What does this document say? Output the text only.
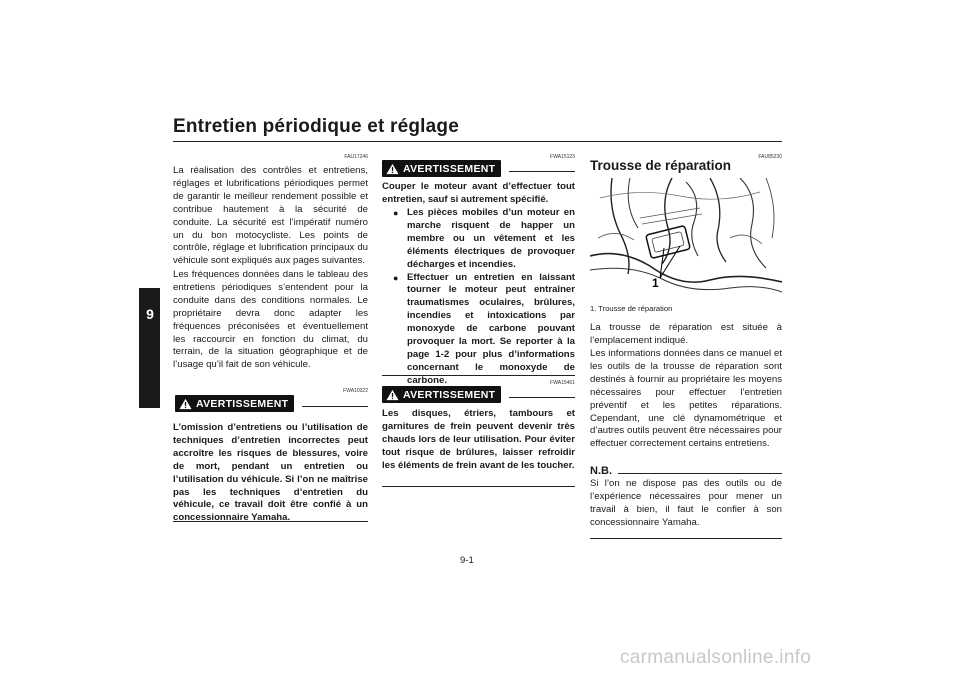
Entretien périodique et réglage
9
FAU17246
La réalisation des contrôles et entretiens, réglages et lubrifications périodiques permet de garantir le meilleur rendement possible et contribue hautement à la sécurité de conduite. La sécurité est l’impératif numéro un du bon motocycliste. Les points de contrôle, réglage et lubrification principaux du véhicule sont expliqués aux pages suivantes.
Les fréquences données dans le tableau des entretiens périodiques s’entendent pour la conduite dans des conditions normales. Le propriétaire devra donc adapter les fréquences préconisées et éventuellement les raccourcir en fonction du climat, du terrain, de la situation géographique et de l’usage qu’il fait de son véhicule.
FWA10322
AVERTISSEMENT
L’omission d’entretiens ou l’utilisation de techniques d’entretien incorrectes peut accroître les risques de blessures, voire de mort, pendant un entretien ou l’utilisation du véhicule. Si l’on ne maîtrise pas les techniques d’entretien du véhicule, ce travail doit être confié à un concessionnaire Yamaha.
FWA15123
AVERTISSEMENT
Couper le moteur avant d’effectuer tout entretien, sauf si autrement spécifié.
● Les pièces mobiles d’un moteur en marche risquent de happer un membre ou un vêtement et les éléments électriques de provoquer décharges et incendies.
● Effectuer un entretien en laissant tourner le moteur peut entraîner traumatismes oculaires, brûlures, incendies et intoxications par monoxyde de carbone pouvant provoquer la mort. Se reporter à la page 1-2 pour plus d’informations concernant le monoxyde de carbone.	FWA15461
AVERTISSEMENT
Les disques, étriers, tambours et garnitures de frein peuvent devenir très chauds lors de leur utilisation. Pour éviter tout risque de brûlures, laisser refroidir les éléments de frein avant de les toucher.
FAU85230
Trousse de réparation
1
1. Trousse de réparation
La trousse de réparation est située à l’emplacement indiqué.
Les informations données dans ce manuel et les outils de la trousse de réparation sont destinés à fournir au propriétaire les moyens nécessaires pour effectuer l’entretien préventif et les petites réparations. Cependant, une clé dynamométrique et d’autres outils peuvent être nécessaires pour effectuer correctement certains entretiens.
N.B.
Si l’on ne dispose pas des outils ou de l’expérience nécessaires pour mener un travail à bien, il faut le confier à son concessionnaire Yamaha.
9-1
carmanualsonline.info
